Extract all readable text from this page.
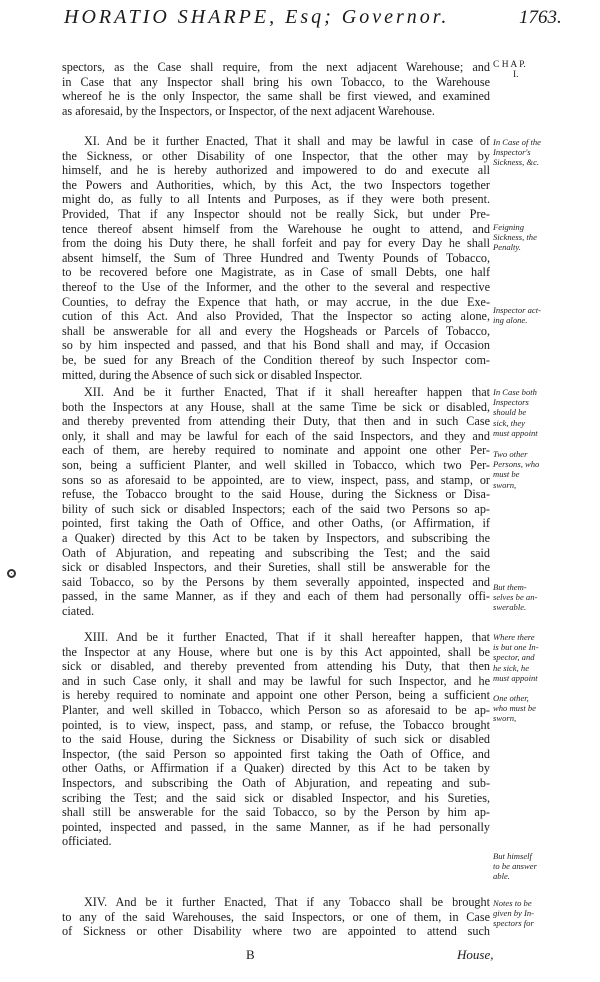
HORATIO SHARPE, Esq; Governor.	1763.
spectors, as the Case shall require, from the next adjacent Warehouse; and
in Case that any Inspector shall bring his own Tobacco, to the Warehouse
whereof he is the only Inspector, the same shall be first viewed, and examined
as aforesaid, by the Inspectors, or Inspector, of the next adjacent Warehouse.
XI. And be it further Enacted, That it shall and may be lawful in case of
the Sickness, or other Disability of one Inspector, that the other may by
himself, and he is hereby authorized and impowered to do and execute all
the Powers and Authorities, which, by this Act, the two Inspectors together
might do, as fully to all Intents and Purposes, as if they were both present.
Provided, That if any Inspector should not be really Sick, but under Pre-
tence thereof absent himself from the Warehouse he ought to attend, and
from the doing his Duty there, he shall forfeit and pay for every Day he shall
absent himself, the Sum of Three Hundred and Twenty Pounds of Tobacco,
to be recovered before one Magistrate, as in Case of small Debts, one half
thereof to the Use of the Informer, and the other to the several and respective
Counties, to defray the Expence that hath, or may accrue, in the due Exe-
cution of this Act. And also Provided, That the Inspector so acting alone,
shall be answerable for all and every the Hogsheads or Parcels of Tobacco,
so by him inspected and passed, and that his Bond shall and may, if Occasion
be, be sued for any Breach of the Condition thereof by such Inspector com-
mitted, during the Absence of such sick or disabled Inspector.
XII. And be it further Enacted, That if it shall hereafter happen that
both the Inspectors at any House, shall at the same Time be sick or disabled,
and thereby prevented from attending their Duty, that then and in such Case
only, it shall and may be lawful for each of the said Inspectors, and they and
each of them, are hereby required to nominate and appoint one other Per-
son, being a sufficient Planter, and well skilled in Tobacco, which two Per-
sons so as aforesaid to be appointed, are to view, inspect, pass, and stamp, or
refuse, the Tobacco brought to the said House, during the Sickness or Disa-
bility of such sick or disabled Inspectors; each of the said two Persons so ap-
pointed, first taking the Oath of Office, and other Oaths, (or Affirmation, if
a Quaker) directed by this Act to be taken by Inspectors, and subscribing the
Oath of Abjuration, and repeating and subscribing the Test; and the said
sick or disabled Inspectors, and their Sureties, shall still be answerable for the
said Tobacco, so by the Persons by them severally appointed, inspected and
passed, in the same Manner, as if they and each of them had personally offi-
ciated.
XIII. And be it further Enacted, That if it shall hereafter happen, that
the Inspector at any House, where but one is by this Act appointed, shall be
sick or disabled, and thereby prevented from attending his Duty, that then
and in such Case only, it shall and may be lawful for such Inspector, and he
is hereby required to nominate and appoint one other Person, being a sufficient
Planter, and well skilled in Tobacco, which Person so as aforesaid to be ap-
pointed, is to view, inspect, pass, and stamp, or refuse, the Tobacco brought
to the said House, during the Sickness or Disability of such sick or disabled
Inspector, (the said Person so appointed first taking the Oath of Office, and
other Oaths, or Affirmation if a Quaker) directed by this Act to be taken by
Inspectors, and subscribing the Oath of Abjuration, and repeating and sub-
scribing the Test; and the said sick or disabled Inspector, and his Sureties,
shall still be answerable for the said Tobacco, so by the Person by him ap-
pointed, inspected and passed, in the same Manner, as if he had personally
officiated.
XIV. And be it further Enacted, That if any Tobacco shall be brought
to any of the said Warehouses, the said Inspectors, or one of them, in Case
of Sickness or other Disability where two are appointed to attend such
C H A P.
I.
In Case of the
Inspector's
Sickness, &c.
Feigning
Sickness, the
Penalty.
Inspector act-
ing alone.
In Case both
Inspectors
should be
sick, they
must appoint
Two other
Persons, who
must be
sworn,
But them-
selves be an-
swerable.
Where there
is but one In-
spector, and
he sick, he
must appoint
One other,
who must be
sworn,
But himself
to be answer
able.
Notes to be
given by In-
spectors for
B	House,
